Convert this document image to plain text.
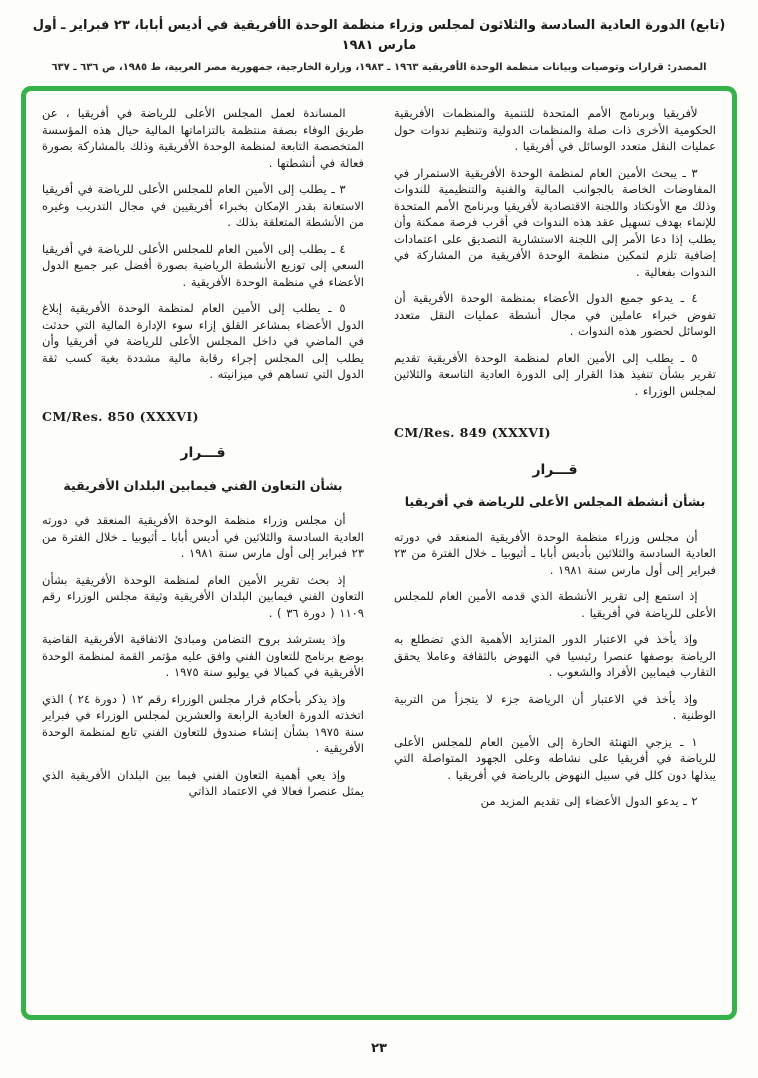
(تابع) الدورة العادية السادسة والثلاثون لمجلس وزراء منظمة الوحدة الأفريقية في أديس أبابا، ٢٣ فبراير ـ أول مارس ١٩٨١
المصدر: قرارات وتوصيات وبيانات منظمة الوحدة الأفريقية ١٩٦٣ ـ ١٩٨٣، وزارة الخارجية، جمهورية مصر العربية، ط ١٩٨٥، ص ٦٣٦ ـ ٦٣٧
لأفريقيا وبرنامج الأمم المتحدة للتنمية والمنظمات الأفريقية الحكومية الأخرى ذات صلة والمنظمات الدولية وتنظيم ندوات حول عمليات النقل متعدد الوسائل في أفريقيا .
٣ ـ يبحث الأمين العام لمنظمة الوحدة الأفريقية الاستمرار في المفاوضات الخاصة بالجوانب المالية والفنية والتنظيمية للندوات وذلك مع الأونكتاد واللجنة الاقتصادية لأفريقيا وبرنامج الأمم المتحدة للإنماء بهدف تسهيل عقد هذه الندوات في أقرب فرصة ممكنة وأن يطلب إذا دعا الأمر إلى اللجنة الاستشارية التصديق على اعتمادات إضافية تلزم لتمكين منظمة الوحدة الأفريقية من المشاركة في الندوات بفعالية .
٤ ـ يدعو جميع الدول الأعضاء بمنظمة الوحدة الأفريقية أن تفوض خبراء عاملين في مجال أنشطة عمليات النقل متعدد الوسائل لحضور هذه الندوات .
٥ ـ يطلب إلى الأمين العام لمنظمة الوحدة الأفريقية تقديم تقرير بشأن تنفيذ هذا القرار إلى الدورة العادية التاسعة والثلاثين لمجلس الوزراء .
CM/Res. 849 (XXXVI)
قـــرار
بشأن أنشطة المجلس الأعلى للرياضة في أفريقيا
أن مجلس وزراء منظمة الوحدة الأفريقية المنعقد في دورته العادية السادسة والثلاثين بأديس أبابا ـ أثيوبيا ـ خلال الفترة من ٢٣ فبراير إلى أول مارس سنة ١٩٨١ .
إذ استمع إلى تقرير الأنشطة الذي قدمه الأمين العام للمجلس الأعلى للرياضة في أفريقيا .
وإذ يأخذ في الاعتبار الدور المتزايد الأهمية الذي تضطلع به الرياضة بوصفها عنصرا رئيسيا في النهوض بالثقافة وعاملا يحقق التقارب فيمابين الأفراد والشعوب .
وإذ يأخذ في الاعتبار أن الرياضة جزء لا يتجزأ من التربية الوطنية .
١ ـ يزجي التهنئة الحارة إلى الأمين العام للمجلس الأعلى للرياضة في أفريقيا على نشاطه وعلى الجهود المتواصلة التي يبذلها دون كلل في سبيل النهوض بالرياضة في أفريقيا .
٢ ـ يدعو الدول الأعضاء إلى تقديم المزيد من
المساندة لعمل المجلس الأعلى للرياضة في أفريقيا ، عن طريق الوفاء بصفة منتظمة بالتزاماتها المالية حيال هذه المؤسسة المتخصصة التابعة لمنظمة الوحدة الأفريقية وذلك بالمشاركة بصورة فعالة في أنشطتها .
٣ ـ يطلب إلى الأمين العام للمجلس الأعلى للرياضة في أفريقيا الاستعانة بقدر الإمكان بخبراء أفريقيين في مجال التدريب وغيره من الأنشطة المتعلقة بذلك .
٤ ـ يطلب إلى الأمين العام للمجلس الأعلى للرياضة في أفريقيا السعي إلى توزيع الأنشطة الرياضية بصورة أفضل عبر جميع الدول الأعضاء في منظمة الوحدة الأفريقية .
٥ ـ يطلب إلى الأمين العام لمنظمة الوحدة الأفريقية إبلاغ الدول الأعضاء بمشاعر القلق إزاء سوء الإدارة المالية التي حدثت في الماضي في داخل المجلس الأعلى للرياضة في أفريقيا وأن يطلب إلى المجلس إجراء رقابة مالية مشددة بغية كسب ثقة الدول التي تساهم في ميزانيته .
CM/Res. 850 (XXXVI)
قـــرار
بشأن التعاون الفني فيمابين البلدان الأفريقية
أن مجلس وزراء منظمة الوحدة الأفريقية المنعقد في دورته العادية السادسة والثلاثين في أديس أبابا ـ أثيوبيا ـ خلال الفترة من ٢٣ فبراير إلى أول مارس سنة ١٩٨١ .
إذ بحث تقرير الأمين العام لمنظمة الوحدة الأفريقية بشأن التعاون الفني فيمابين البلدان الأفريقية وثيقة مجلس الوزراء رقم ١١٠٩ ( دورة ٣٦ ) .
وإذ يسترشد بروح التضامن ومبادئ الاتفاقية الأفريقية القاضية بوضع برنامج للتعاون الفني وافق عليه مؤتمر القمة لمنظمة الوحدة الأفريقية في كمبالا في يوليو سنة ١٩٧٥ .
وإذ يذكر بأحكام قرار مجلس الوزراء رقم ١٢ ( دورة ٢٤ ) الذي اتخذته الدورة العادية الرابعة والعشرين لمجلس الوزراء في فبراير سنة ١٩٧٥ بشأن إنشاء صندوق للتعاون الفني تابع لمنظمة الوحدة الأفريقية .
وإذ يعي أهمية التعاون الفني فيما بين البلدان الأفريقية الذي يمثل عنصرا فعالا في الاعتماد الذاتي
٢٣
